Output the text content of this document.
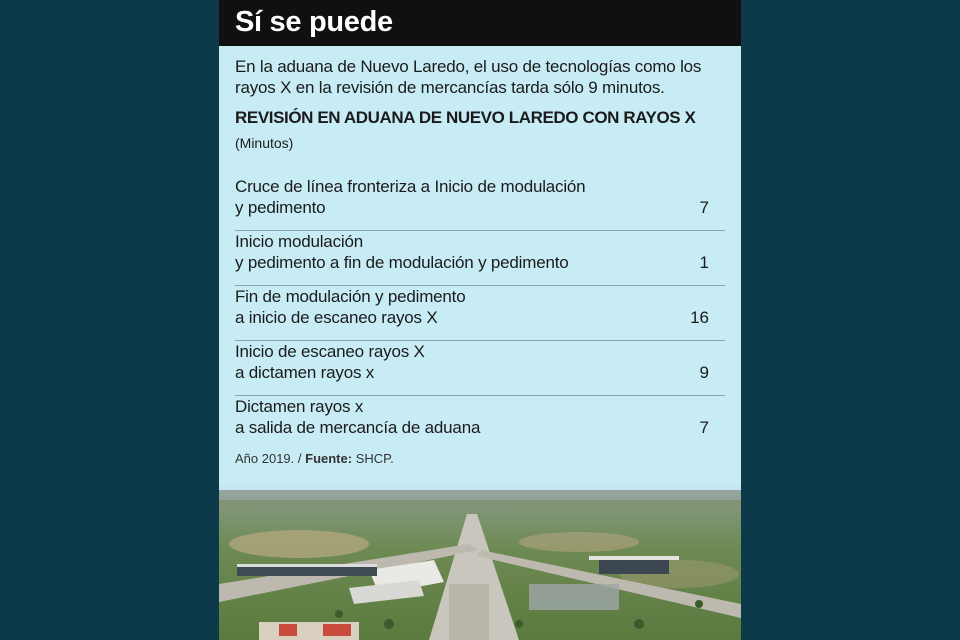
Sí se puede
En la aduana de Nuevo Laredo, el uso de tecnologías como los rayos X en la revisión de mercancías tarda sólo 9 minutos.
REVISIÓN EN ADUANA DE NUEVO LAREDO CON RAYOS X
(Minutos)
Cruce de línea fronteriza a Inicio de modulación
y pedimento	7
Inicio modulación
y pedimento a fin de modulación y pedimento	1
Fin de modulación y pedimento
a inicio de escaneo rayos X	16
Inicio de escaneo rayos X
a dictamen rayos x	9
Dictamen rayos x
a salida de mercancía de aduana	7
Año 2019. / Fuente: SHCP.
